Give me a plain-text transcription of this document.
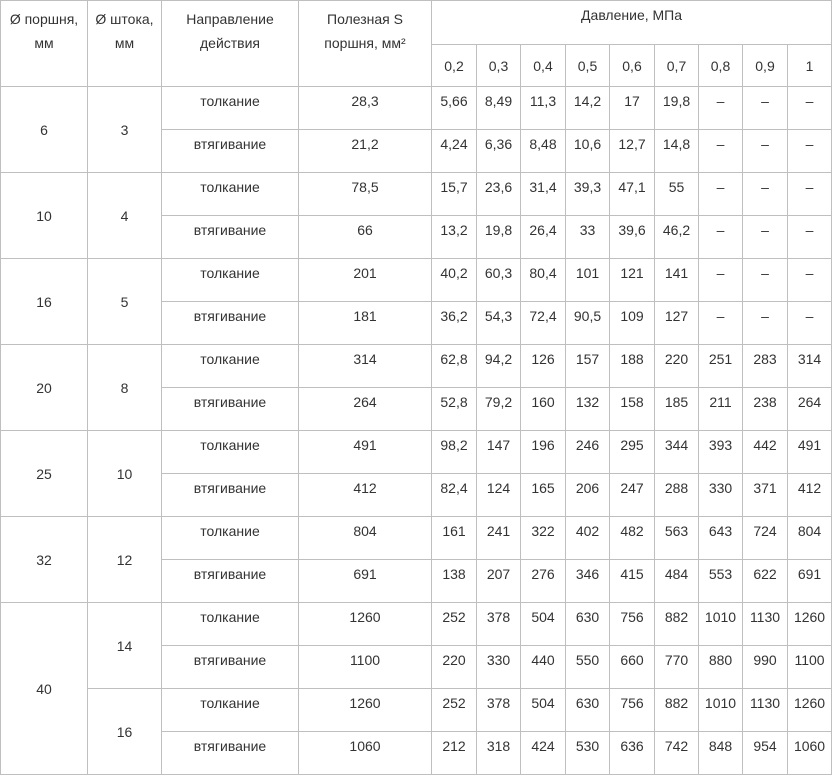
Ø поршня, мм	Ø штока, мм	Направление действия	Полезная S поршня, мм²	Давление, МПа								
				0,2	0,3	0,4	0,5	0,6	0,7	0,8	0,9	1
6	3	толкание	28,3	5,66	8,49	11,3	14,2	17	19,8	–	–	–
		втягивание	21,2	4,24	6,36	8,48	10,6	12,7	14,8	–	–	–
10	4	толкание	78,5	15,7	23,6	31,4	39,3	47,1	55	–	–	–
		втягивание	66	13,2	19,8	26,4	33	39,6	46,2	–	–	–
16	5	толкание	201	40,2	60,3	80,4	101	121	141	–	–	–
		втягивание	181	36,2	54,3	72,4	90,5	109	127	–	–	–
20	8	толкание	314	62,8	94,2	126	157	188	220	251	283	314
		втягивание	264	52,8	79,2	160	132	158	185	211	238	264
25	10	толкание	491	98,2	147	196	246	295	344	393	442	491
		втягивание	412	82,4	124	165	206	247	288	330	371	412
32	12	толкание	804	161	241	322	402	482	563	643	724	804
		втягивание	691	138	207	276	346	415	484	553	622	691
40	14	толкание	1260	252	378	504	630	756	882	1010	1130	1260
		втягивание	1100	220	330	440	550	660	770	880	990	1100
	16	толкание	1260	252	378	504	630	756	882	1010	1130	1260
		втягивание	1060	212	318	424	530	636	742	848	954	1060
